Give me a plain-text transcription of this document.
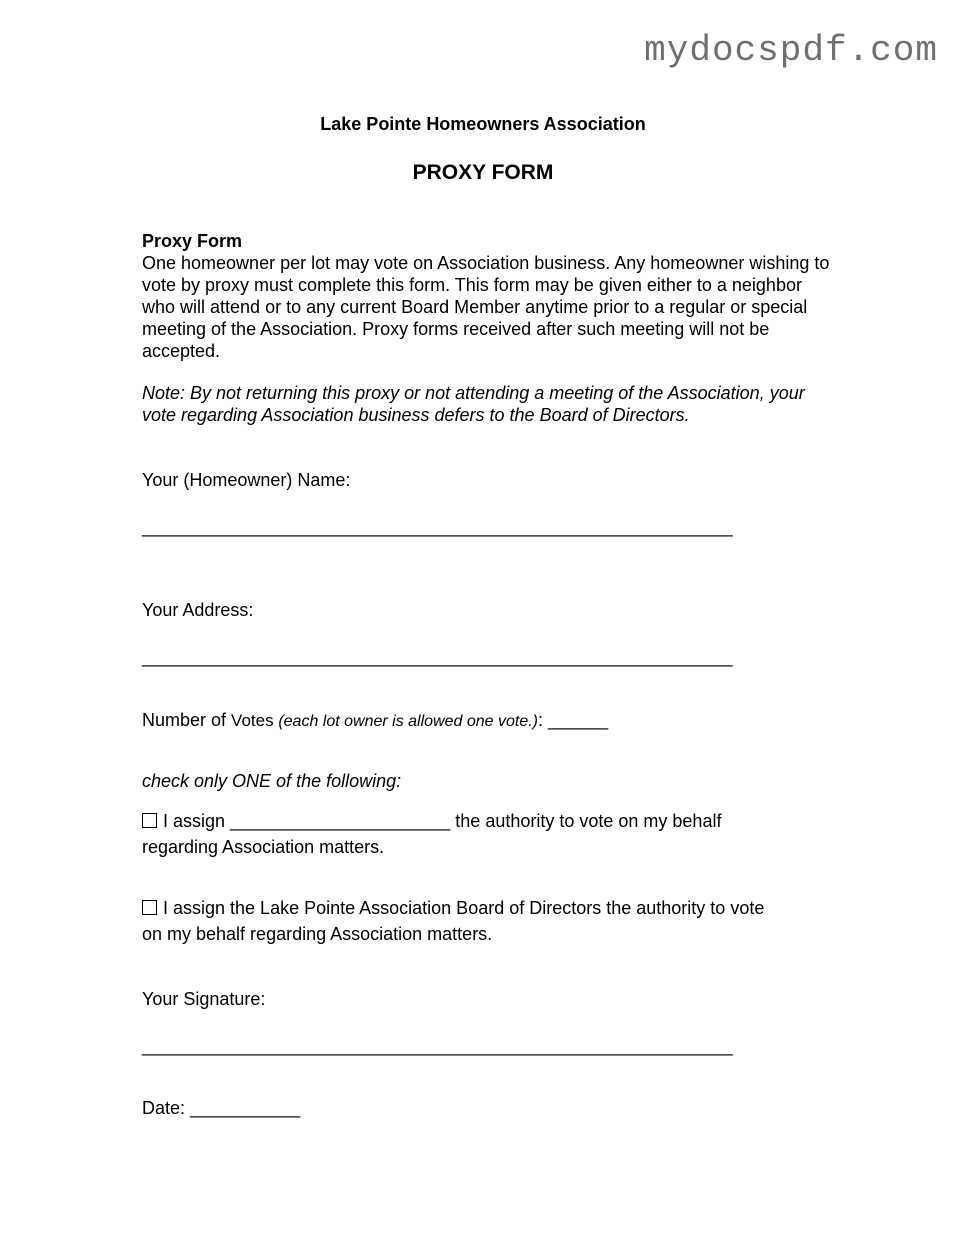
mydocspdf.com
Lake Pointe Homeowners Association
PROXY FORM
Proxy Form
One homeowner per lot may vote on Association business. Any homeowner wishing to vote by proxy must complete this form. This form may be given either to a neighbor who will attend or to any current Board Member anytime prior to a regular or special meeting of the Association. Proxy forms received after such meeting will not be accepted.
Note: By not returning this proxy or not attending a meeting of the Association, your vote regarding Association business defers to the Board of Directors.
Your (Homeowner) Name:
___________________________________________________________
Your Address:
___________________________________________________________
Number of Votes (each lot owner is allowed one vote.): ______
check only ONE of the following:
I assign ______________________ the authority to vote on my behalf
regarding Association matters.
I assign the Lake Pointe Association Board of Directors the authority to vote
on my behalf regarding Association matters.
Your Signature:
___________________________________________________________
Date: ___________
